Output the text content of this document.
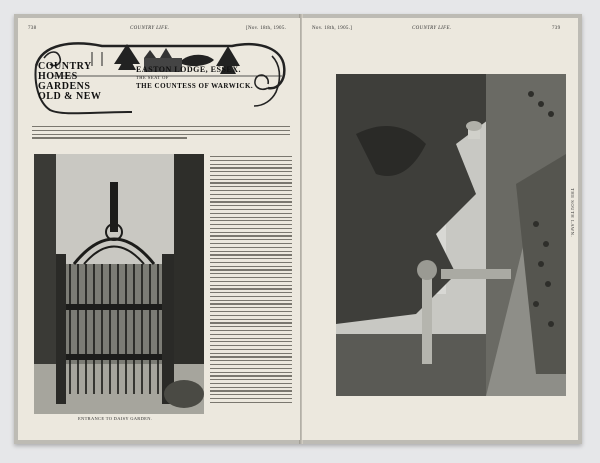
738	COUNTRY LIFE.	[Nov. 18th, 1905.
COUNTRY
HOMES
GARDENS
OLD & NEW
EASTON LODGE, ESSEX.
THE SEAT OF
THE COUNTESS OF WARWICK.
ENTRANCE TO DAISY GARDEN.
Nov. 18th, 1905.]	COUNTRY LIFE.	739
THE SOUTH LAWN.
